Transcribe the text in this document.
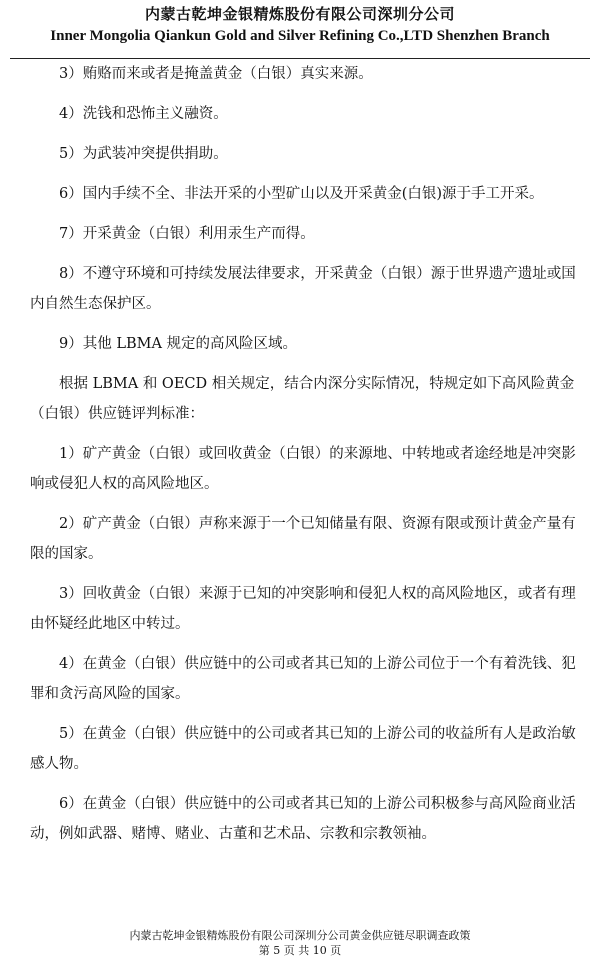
内蒙古乾坤金银精炼股份有限公司深圳分公司
Inner Mongolia Qiankun Gold and Silver Refining Co.,LTD Shenzhen Branch

3）贿赂而来或者是掩盖黄金（白银）真实来源。

4）洗钱和恐怖主义融资。

5）为武装冲突提供捐助。

6）国内手续不全、非法开采的小型矿山以及开采黄金(白银)源于手工开采。

7）开采黄金（白银）利用汞生产而得。

8）不遵守环境和可持续发展法律要求，开采黄金（白银）源于世界遗产遗址或国内自然生态保护区。

9）其他 LBMA 规定的高风险区域。

根据 LBMA 和 OECD 相关规定，结合内深分实际情况，特规定如下高风险黄金（白银）供应链评判标准：

1）矿产黄金（白银）或回收黄金（白银）的来源地、中转地或者途经地是冲突影响或侵犯人权的高风险地区。

2）矿产黄金（白银）声称来源于一个已知储量有限、资源有限或预计黄金产量有限的国家。

3）回收黄金（白银）来源于已知的冲突影响和侵犯人权的高风险地区，或者有理由怀疑经此地区中转过。

4）在黄金（白银）供应链中的公司或者其已知的上游公司位于一个有着洗钱、犯罪和贪污高风险的国家。

5）在黄金（白银）供应链中的公司或者其已知的上游公司的收益所有人是政治敏感人物。

6）在黄金（白银）供应链中的公司或者其已知的上游公司积极参与高风险商业活动，例如武器、赌博、赌业、古董和艺术品、宗教和宗教领袖。

内蒙古乾坤金银精炼股份有限公司深圳分公司黄金供应链尽职调查政策
第 5 页 共 10 页
